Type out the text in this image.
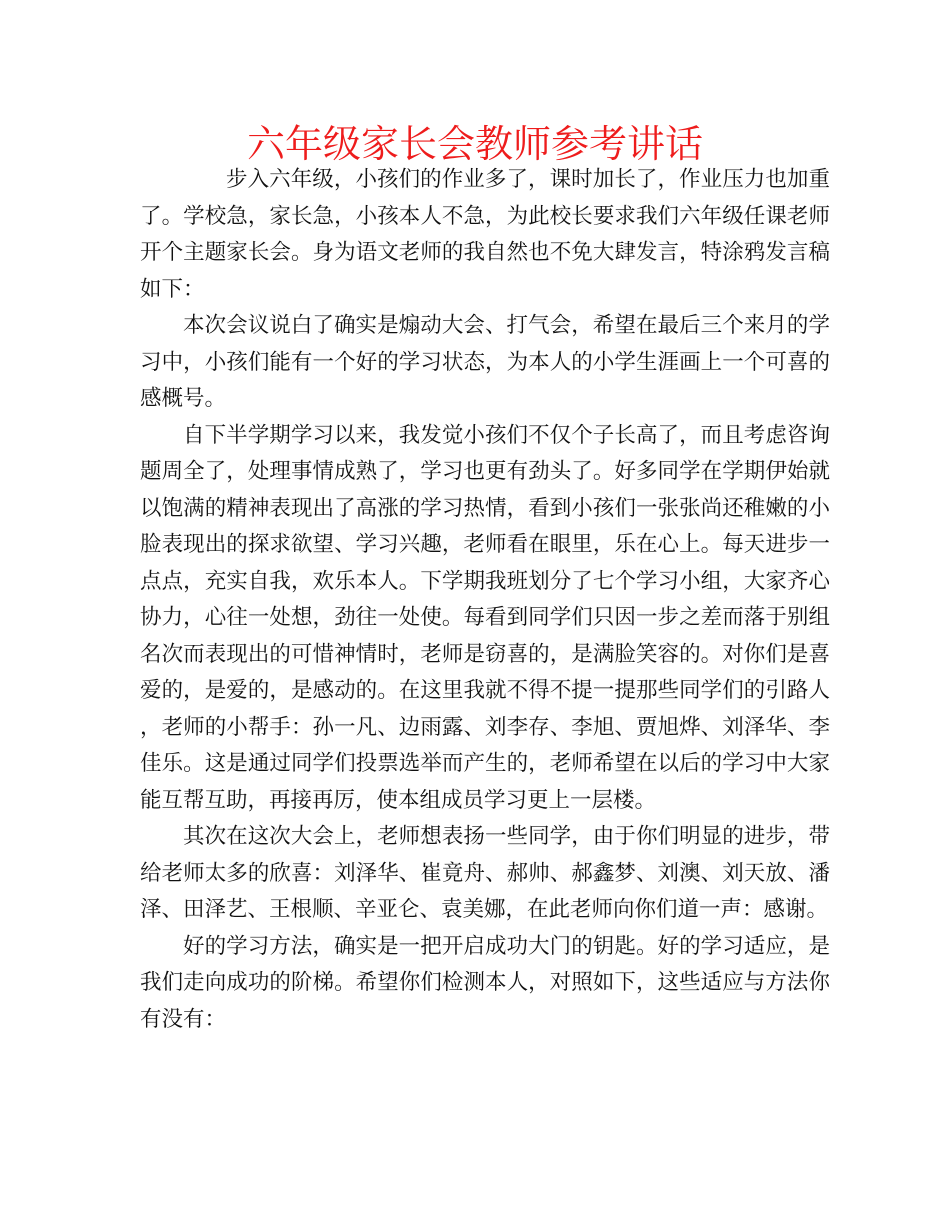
六年级家长会教师参考讲话

步入六年级，小孩们的作业多了，课时加长了，作业压力也加重了。学校急，家长急，小孩本人不急，为此校长要求我们六年级任课老师开个主题家长会。身为语文老师的我自然也不免大肆发言，特涂鸦发言稿如下：

本次会议说白了确实是煽动大会、打气会，希望在最后三个来月的学习中，小孩们能有一个好的学习状态，为本人的小学生涯画上一个可喜的感概号。

自下半学期学习以来，我发觉小孩们不仅个子长高了，而且考虑咨询题周全了，处理事情成熟了，学习也更有劲头了。好多同学在学期伊始就以饱满的精神表现出了高涨的学习热情，看到小孩们一张张尚还稚嫩的小脸表现出的探求欲望、学习兴趣，老师看在眼里，乐在心上。每天进步一点点，充实自我，欢乐本人。下学期我班划分了七个学习小组，大家齐心协力，心往一处想，劲往一处使。每看到同学们只因一步之差而落于别组名次而表现出的可惜神情时，老师是窃喜的，是满脸笑容的。对你们是喜爱的，是爱的，是感动的。在这里我就不得不提一提那些同学们的引路人，老师的小帮手：孙一凡、边雨露、刘李存、李旭、贾旭烨、刘泽华、李佳乐。这是通过同学们投票选举而产生的，老师希望在以后的学习中大家能互帮互助，再接再厉，使本组成员学习更上一层楼。

其次在这次大会上，老师想表扬一些同学，由于你们明显的进步，带给老师太多的欣喜：刘泽华、崔竟舟、郝帅、郝鑫梦、刘澳、刘天放、潘泽、田泽艺、王根顺、辛亚仑、袁美娜，在此老师向你们道一声：感谢。

好的学习方法，确实是一把开启成功大门的钥匙。好的学习适应，是我们走向成功的阶梯。希望你们检测本人，对照如下，这些适应与方法你有没有：
